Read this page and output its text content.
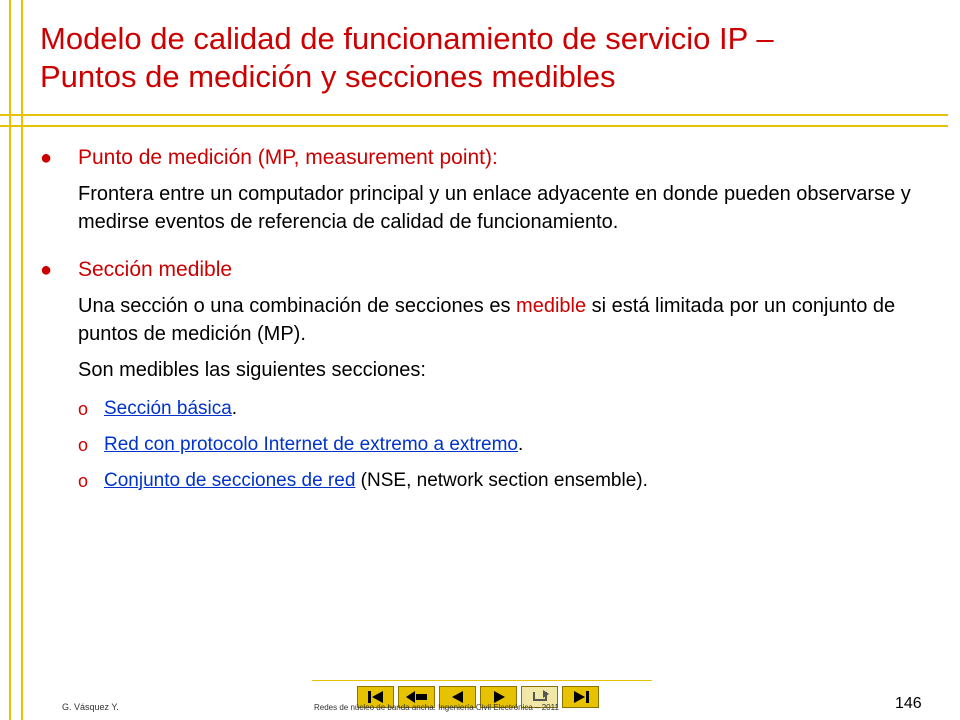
Modelo de calidad de funcionamiento de servicio IP –
Puntos de medición y secciones medibles
●	Punto de medición (MP, measurement point):
Frontera entre un computador principal y un enlace adyacente en donde pueden observarse y medirse eventos de referencia de calidad de funcionamiento.
●	Sección medible
Una sección o una combinación de secciones es medible si está limitada por un conjunto de puntos de medición (MP).
Son medibles las siguientes secciones:
o Sección básica.
o Red con protocolo Internet de extremo a extremo.
o Conjunto de secciones de red (NSE, network section ensemble).
G. Vásquez Y.	Redes de núcleo de banda ancha. Ingeniería Civil Electrónica – 2011	146
